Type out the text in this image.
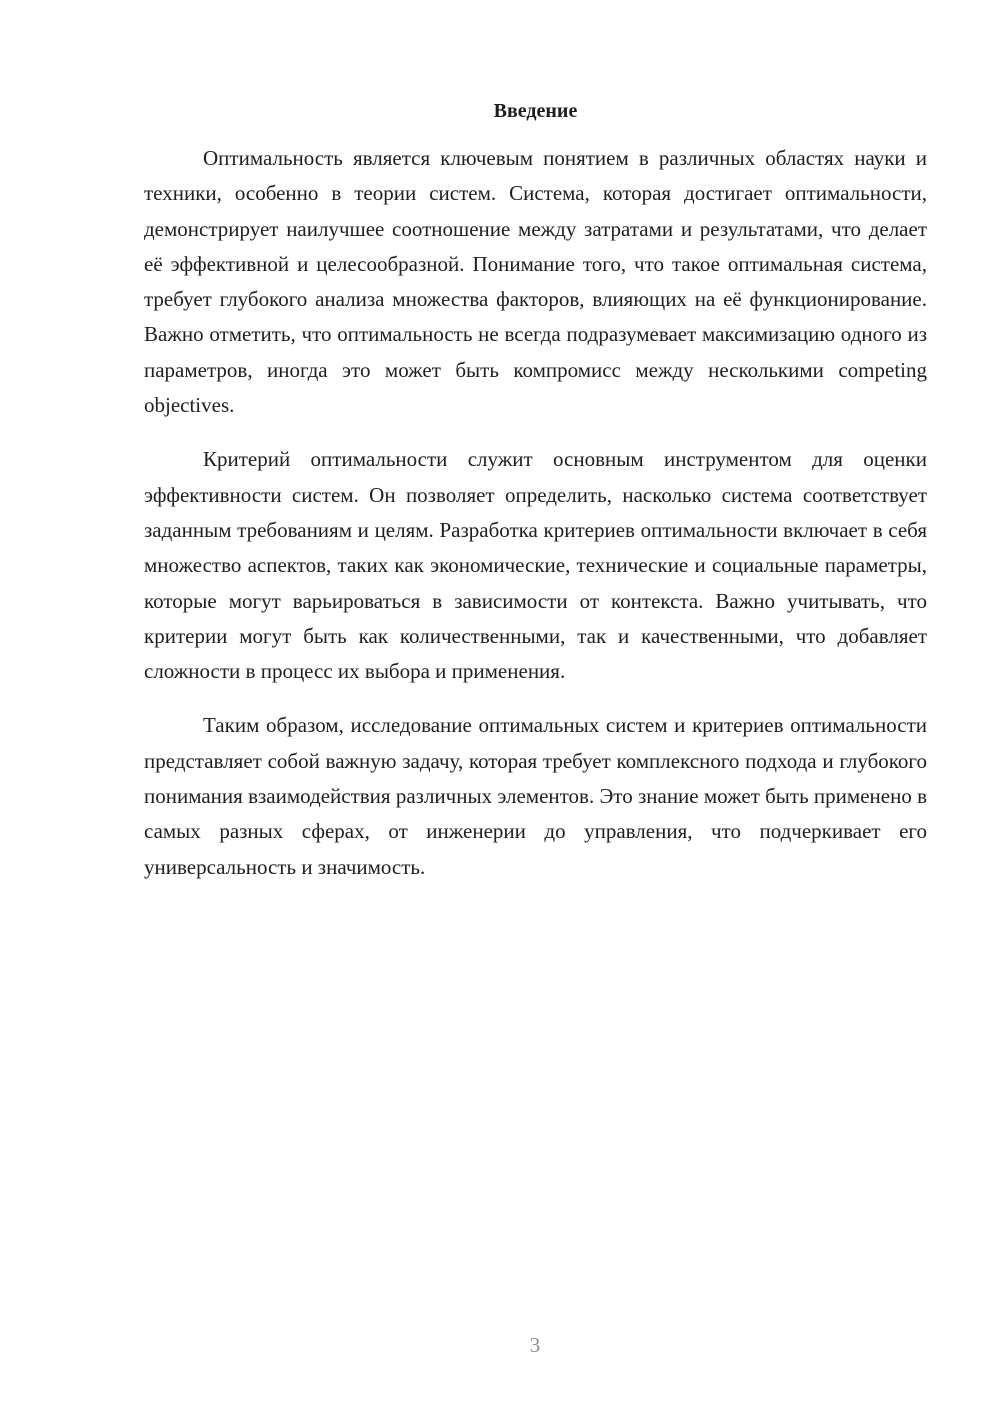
Введение

Оптимальность является ключевым понятием в различных областях науки и техники, особенно в теории систем. Система, которая достигает оптимальности, демонстрирует наилучшее соотношение между затратами и результатами, что делает её эффективной и целесообразной. Понимание того, что такое оптимальная система, требует глубокого анализа множества факторов, влияющих на её функционирование. Важно отметить, что оптимальность не всегда подразумевает максимизацию одного из параметров, иногда это может быть компромисс между несколькими competing objectives.

Критерий оптимальности служит основным инструментом для оценки эффективности систем. Он позволяет определить, насколько система соответствует заданным требованиям и целям. Разработка критериев оптимальности включает в себя множество аспектов, таких как экономические, технические и социальные параметры, которые могут варьироваться в зависимости от контекста. Важно учитывать, что критерии могут быть как количественными, так и качественными, что добавляет сложности в процесс их выбора и применения.

Таким образом, исследование оптимальных систем и критериев оптимальности представляет собой важную задачу, которая требует комплексного подхода и глубокого понимания взаимодействия различных элементов. Это знание может быть применено в самых разных сферах, от инженерии до управления, что подчеркивает его универсальность и значимость.

3
